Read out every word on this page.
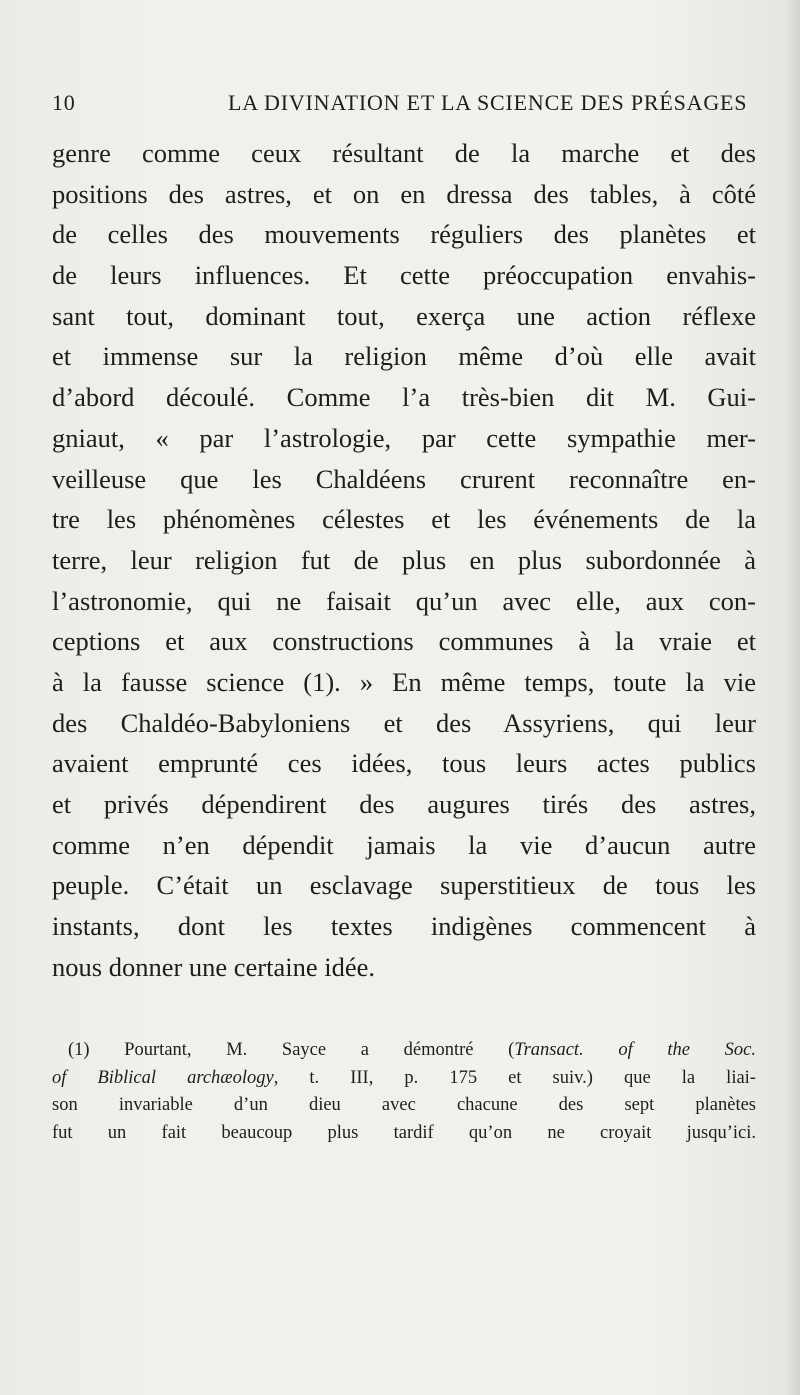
10	LA DIVINATION ET LA SCIENCE DES PRÉSAGES
genre comme ceux résultant de la marche et des
positions des astres, et on en dressa des tables, à côté
de celles des mouvements réguliers des planètes et
de leurs influences. Et cette préoccupation envahis-
sant tout, dominant tout, exerça une action réflexe
et immense sur la religion même d’où elle avait
d’abord découlé. Comme l’a très-bien dit M. Gui-
gniaut, « par l’astrologie, par cette sympathie mer-
veilleuse que les Chaldéens crurent reconnaître en-
tre les phénomènes célestes et les événements de la
terre, leur religion fut de plus en plus subordonnée à
l’astronomie, qui ne faisait qu’un avec elle, aux con-
ceptions et aux constructions communes à la vraie et
à la fausse science (1). » En même temps, toute la vie
des Chaldéo-Babyloniens et des Assyriens, qui leur
avaient emprunté ces idées, tous leurs actes publics
et privés dépendirent des augures tirés des astres,
comme n’en dépendit jamais la vie d’aucun autre
peuple. C’était un esclavage superstitieux de tous les
instants, dont les textes indigènes commencent à
nous donner une certaine idée.
(1) Pourtant, M. Sayce a démontré (Transact. of the Soc.
of Biblical archæology, t. III, p. 175 et suiv.) que la liai-
son invariable d’un dieu avec chacune des sept planètes
fut un fait beaucoup plus tardif qu’on ne croyait jusqu’ici.
